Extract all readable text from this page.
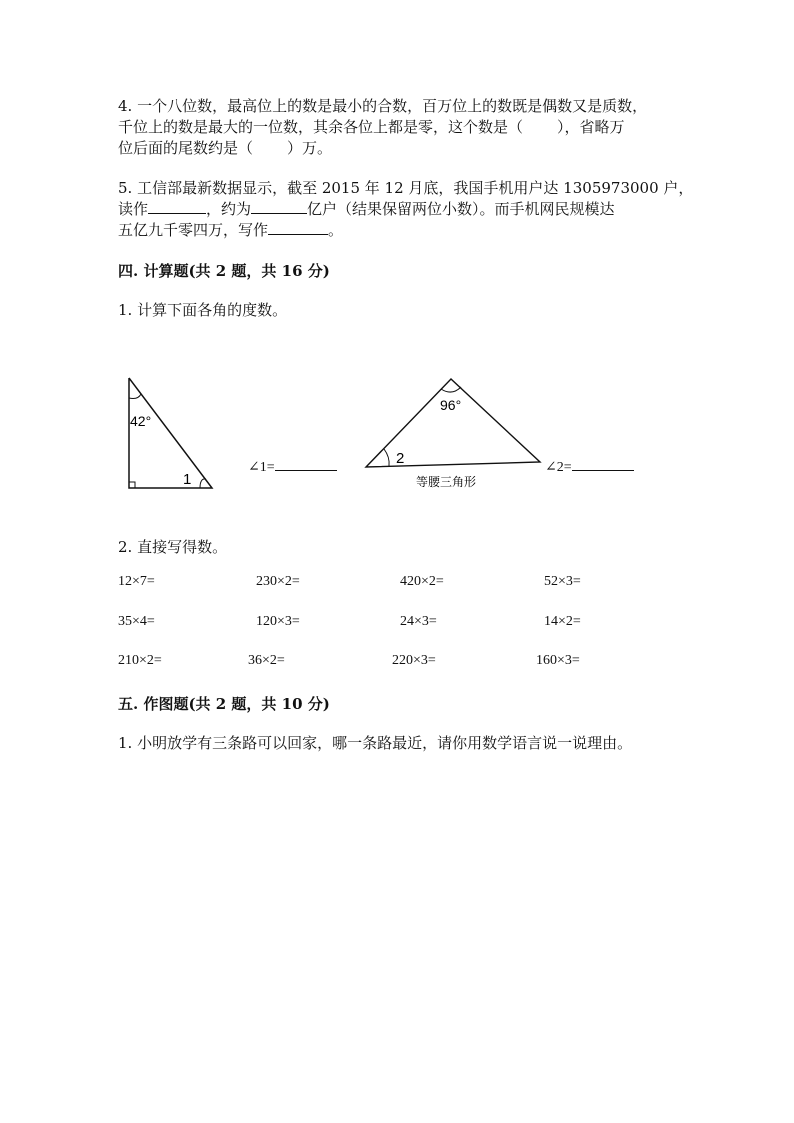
4. 一个八位数，最高位上的数是最小的合数，百万位上的数既是偶数又是质数，
千位上的数是最大的一位数，其余各位上都是零，这个数是（ ），省略万
位后面的尾数约是（ ）万。
5. 工信部最新数据显示，截至 2015 年 12 月底，我国手机用户达 1305973000 户，
读作	，约为	亿户（结果保留两位小数）。而手机网民规模达
五亿九千零四万，写作	。
四. 计算题(共 2 题，共 16 分)
1. 计算下面各角的度数。
42°
1
∠1=
96°
2
等腰三角形
∠2=
2. 直接写得数。
12×7=	230×2=	420×2=	52×3=
35×4=	120×3=	24×3=	14×2=
210×2=	36×2=	220×3=	160×3=
五. 作图题(共 2 题，共 10 分)
1. 小明放学有三条路可以回家，哪一条路最近，请你用数学语言说一说理由。
